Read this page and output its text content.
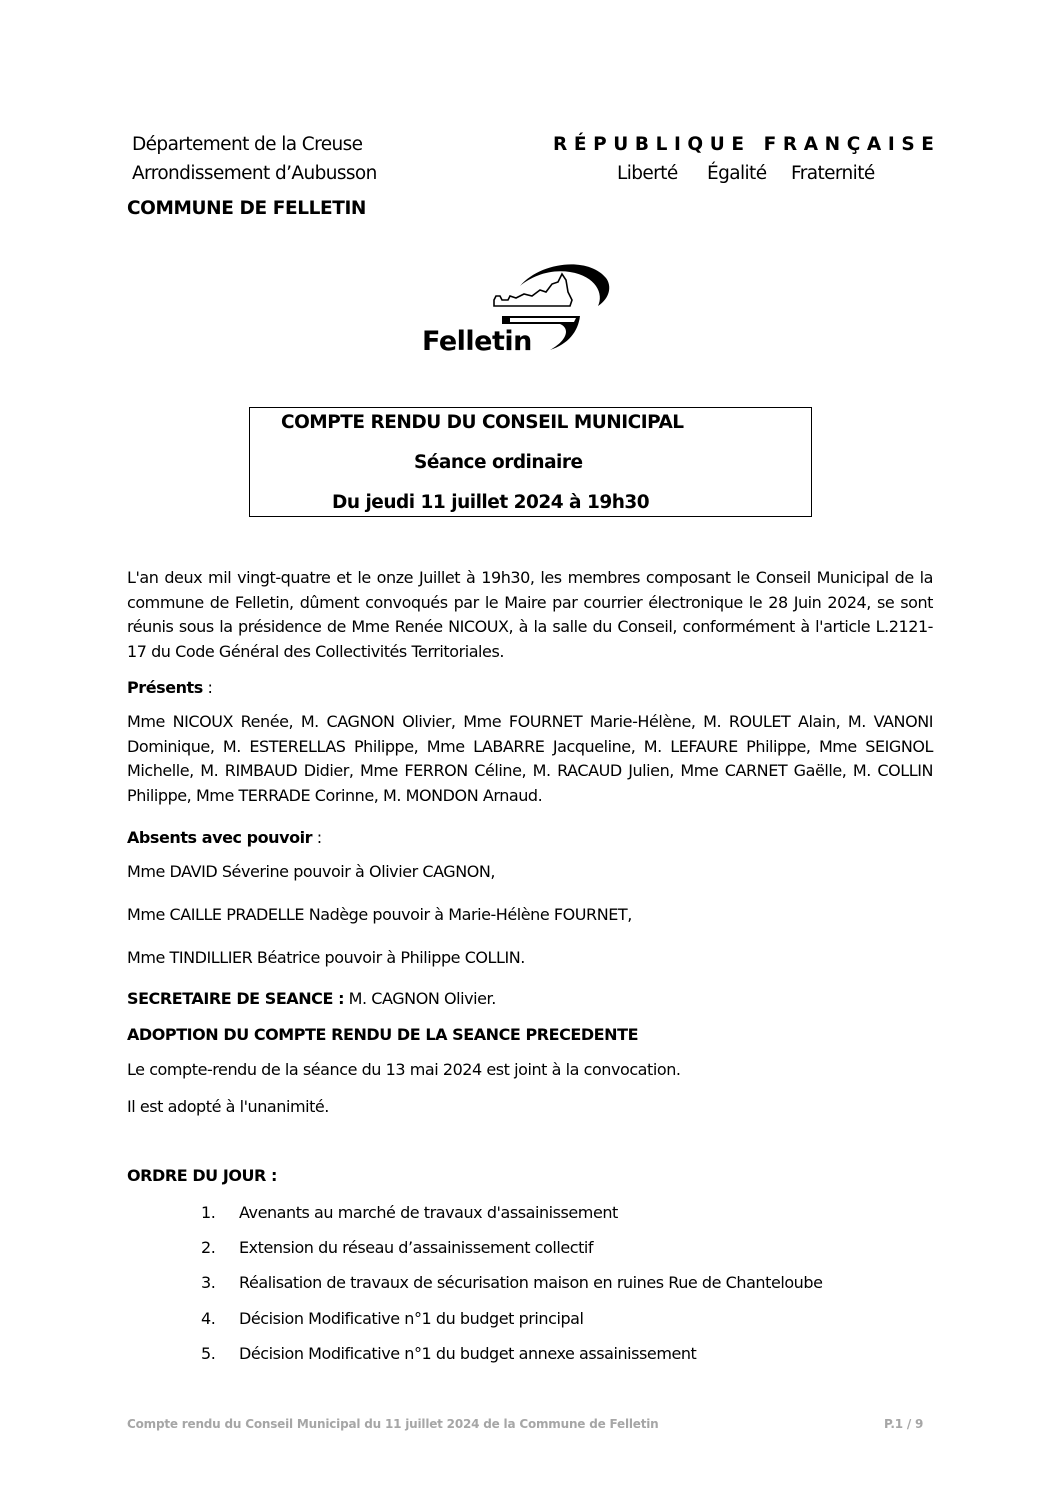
Département de la Creuse
Arrondissement d’Aubusson
COMMUNE DE FELLETIN
RÉPUBLIQUE FRANÇAISE
Liberté Égalité Fraternité
Felletin
COMPTE RENDU DU CONSEIL MUNICIPAL
Séance ordinaire
Du jeudi 11 juillet 2024 à 19h30
L'an deux mil vingt-quatre et le onze Juillet à 19h30, les membres composant le Conseil Municipal de la commune de Felletin, dûment convoqués par le Maire par courrier électronique le 28 Juin 2024, se sont réunis sous la présidence de Mme Renée NICOUX, à la salle du Conseil, conformément à l'article L.2121-17 du Code Général des Collectivités Territoriales.
Présents :
Mme NICOUX Renée, M. CAGNON Olivier, Mme FOURNET Marie-Hélène, M. ROULET Alain, M. VANONI Dominique, M. ESTERELLAS Philippe, Mme LABARRE Jacqueline, M. LEFAURE Philippe, Mme SEIGNOL Michelle, M. RIMBAUD Didier, Mme FERRON Céline, M. RACAUD Julien, Mme CARNET Gaëlle, M. COLLIN Philippe, Mme TERRADE Corinne, M. MONDON Arnaud.
Absents avec pouvoir :
Mme DAVID Séverine pouvoir à Olivier CAGNON,
Mme CAILLE PRADELLE Nadège pouvoir à Marie-Hélène FOURNET,
Mme TINDILLIER Béatrice pouvoir à Philippe COLLIN.
SECRETAIRE DE SEANCE : M. CAGNON Olivier.
ADOPTION DU COMPTE RENDU DE LA SEANCE PRECEDENTE
Le compte-rendu de la séance du 13 mai 2024 est joint à la convocation.
Il est adopté à l'unanimité.
ORDRE DU JOUR :
1. Avenants au marché de travaux d'assainissement
2. Extension du réseau d’assainissement collectif
3. Réalisation de travaux de sécurisation maison en ruines Rue de Chanteloube
4. Décision Modificative n°1 du budget principal
5. Décision Modificative n°1 du budget annexe assainissement
Compte rendu du Conseil Municipal du 11 juillet 2024 de la Commune de Felletin	P.1 / 9
